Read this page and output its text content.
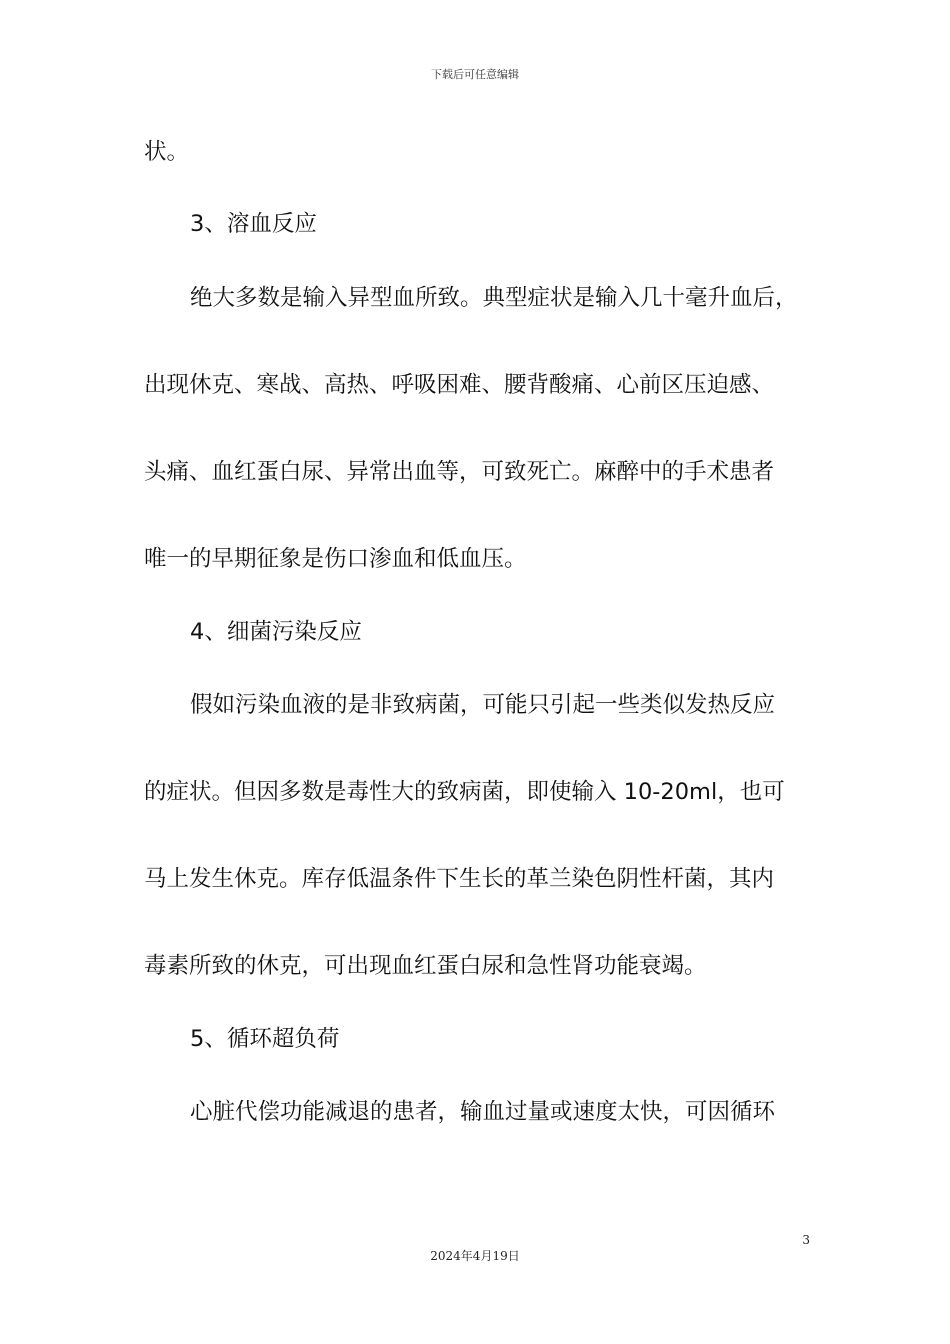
下载后可任意编辑
状。
3、溶血反应
绝大多数是输入异型血所致。典型症状是输入几十毫升血后，
出现休克、寒战、高热、呼吸困难、腰背酸痛、心前区压迫感、
头痛、血红蛋白尿、异常出血等，可致死亡。麻醉中的手术患者
唯一的早期征象是伤口渗血和低血压。
4、细菌污染反应
假如污染血液的是非致病菌，可能只引起一些类似发热反应
的症状。但因多数是毒性大的致病菌，即使输入 10-20ml，也可
马上发生休克。库存低温条件下生长的革兰染色阴性杆菌，其内
毒素所致的休克，可出现血红蛋白尿和急性肾功能衰竭。
5、循环超负荷
心脏代偿功能减退的患者，输血过量或速度太快，可因循环
3
2024年4月19日
